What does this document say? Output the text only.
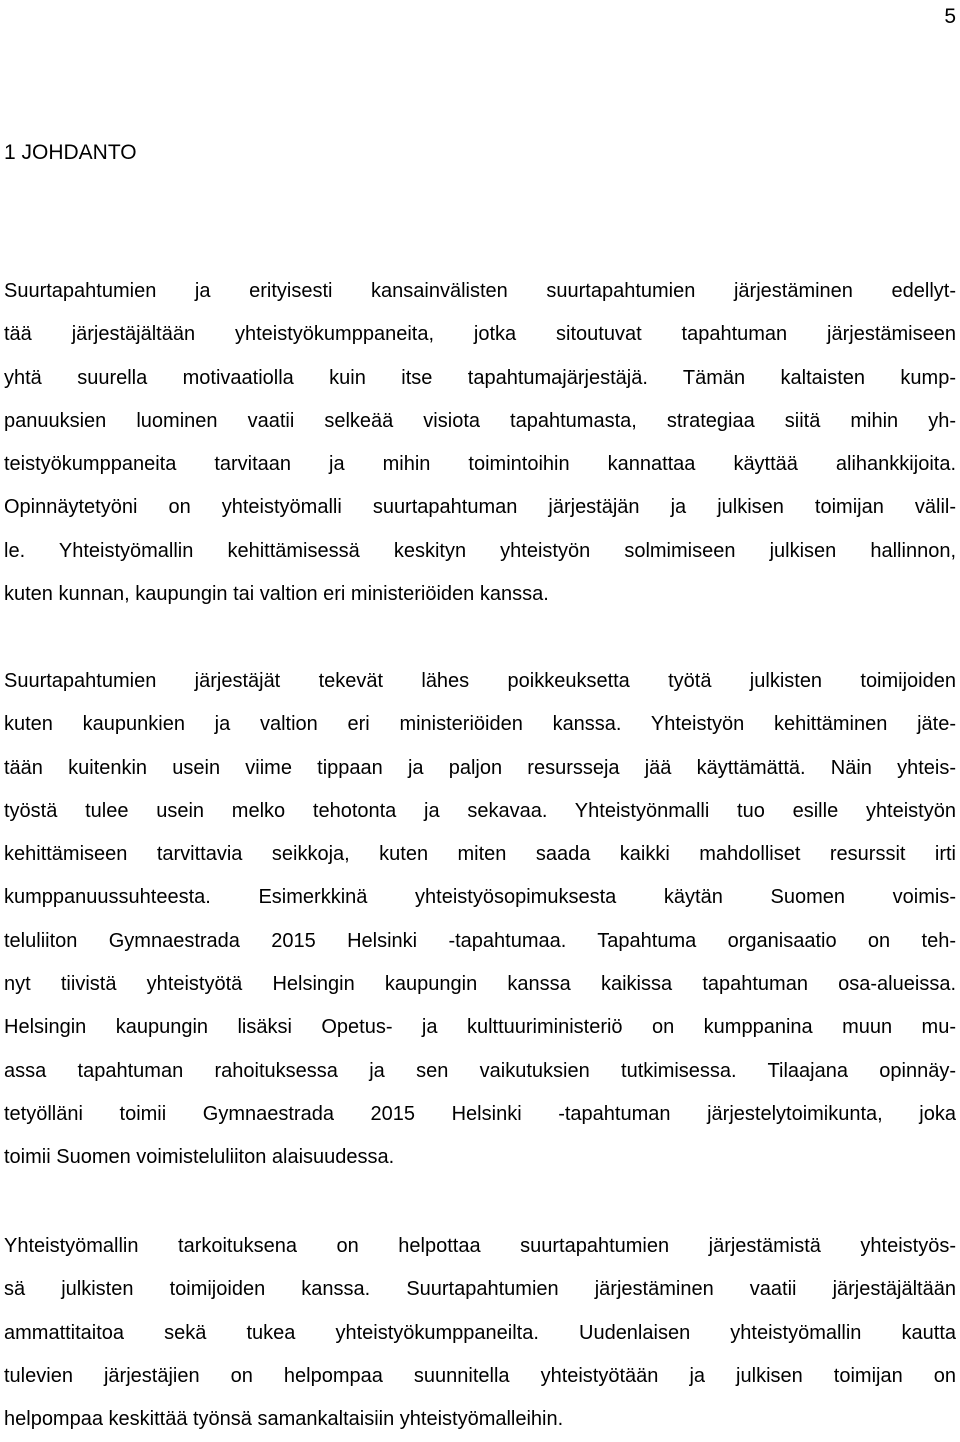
5
1 JOHDANTO
Suurtapahtumien ja erityisesti kansainvälisten suurtapahtumien järjestäminen edellyt-
tää järjestäjältään yhteistyökumppaneita, jotka sitoutuvat tapahtuman järjestämiseen
yhtä suurella motivaatiolla kuin itse tapahtumajärjestäjä. Tämän kaltaisten kump-
panuuksien luominen vaatii selkeää visiota tapahtumasta, strategiaa siitä mihin yh-
teistyökumppaneita tarvitaan ja mihin toimintoihin kannattaa käyttää alihankkijoita.
Opinnäytetyöni on yhteistyömalli suurtapahtuman järjestäjän ja julkisen toimijan välil-
le. Yhteistyömallin kehittämisessä keskityn yhteistyön solmimiseen julkisen hallinnon,
kuten kunnan, kaupungin tai valtion eri ministeriöiden kanssa.
Suurtapahtumien järjestäjät tekevät lähes poikkeuksetta työtä julkisten toimijoiden
kuten kaupunkien ja valtion eri ministeriöiden kanssa. Yhteistyön kehittäminen jäte-
tään kuitenkin usein viime tippaan ja paljon resursseja jää käyttämättä. Näin yhteis-
työstä tulee usein melko tehotonta ja sekavaa. Yhteistyönmalli tuo esille yhteistyön
kehittämiseen tarvittavia seikkoja, kuten miten saada kaikki mahdolliset resurssit irti
kumppanuussuhteesta. Esimerkkinä yhteistyösopimuksesta käytän Suomen voimis-
teluliiton Gymnaestrada 2015 Helsinki -tapahtumaa. Tapahtuma organisaatio on teh-
nyt tiivistä yhteistyötä Helsingin kaupungin kanssa kaikissa tapahtuman osa-alueissa.
Helsingin kaupungin lisäksi Opetus- ja kulttuuriministeriö on kumppanina muun mu-
assa tapahtuman rahoituksessa ja sen vaikutuksien tutkimisessa. Tilaajana opinnäy-
tetyölläni toimii Gymnaestrada 2015 Helsinki -tapahtuman järjestelytoimikunta, joka
toimii Suomen voimisteluliiton alaisuudessa.
Yhteistyömallin tarkoituksena on helpottaa suurtapahtumien järjestämistä yhteistyös-
sä julkisten toimijoiden kanssa. Suurtapahtumien järjestäminen vaatii järjestäjältään
ammattitaitoa sekä tukea yhteistyökumppaneilta. Uudenlaisen yhteistyömallin kautta
tulevien järjestäjien on helpompaa suunnitella yhteistyötään ja julkisen toimijan on
helpompaa keskittää työnsä samankaltaisiin yhteistyömalleihin.
